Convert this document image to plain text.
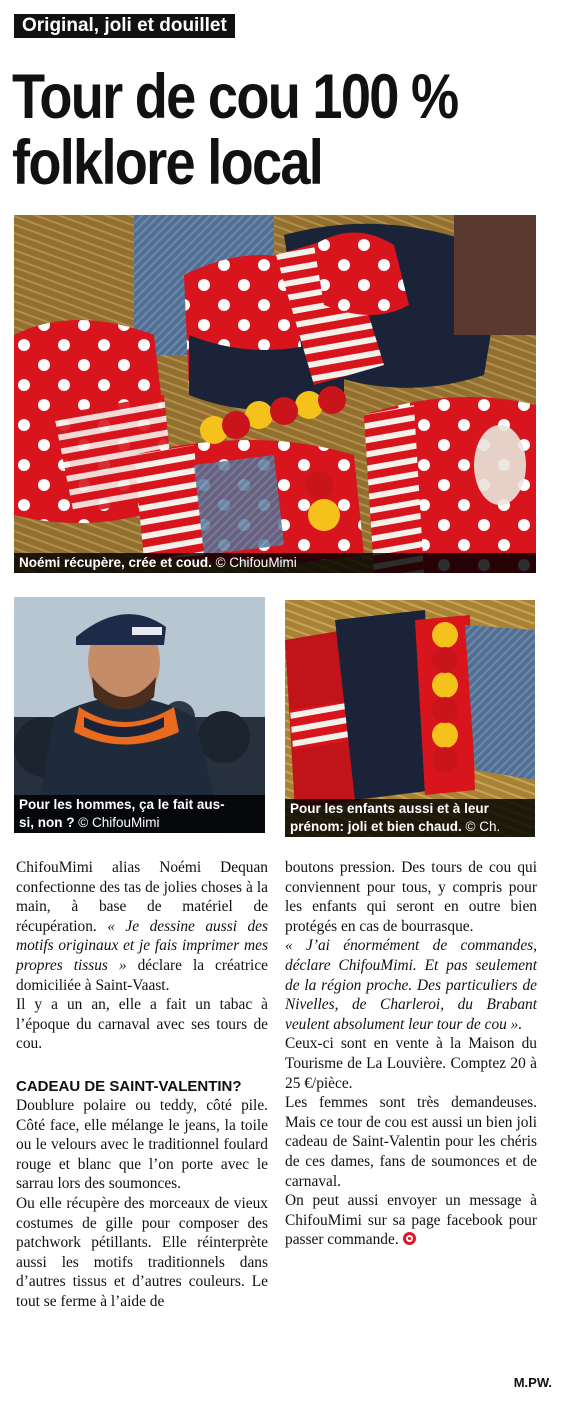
Original, joli et douillet
Tour de cou 100 %
folklore local
Noémi récupère, crée et coud. © ChifouMimi
Pour les hommes, ça le fait aus-
si, non ? © ChifouMimi
Pour les enfants aussi et à leur
prénom: joli et bien chaud. © Ch.

ChifouMimi alias Noémi Dequan confectionne des tas de jolies choses à la main, à base de matériel de récupération. « Je dessine aussi des motifs originaux et je fais imprimer mes propres tissus » déclare la créatrice domiciliée à Saint-Vaast.

Il y a un an, elle a fait un tabac à l’époque du carnaval avec ses tours de cou.

CADEAU DE SAINT-VALENTIN?

Doublure polaire ou teddy, côté pile. Côté face, elle mélange le jeans, la toile ou le velours avec le traditionnel foulard rouge et blanc que l’on porte avec le sarrau lors des soumonces.

Ou elle récupère des morceaux de vieux costumes de gille pour composer des patchwork pétillants. Elle réinterprète aussi les motifs traditionnels dans d’autres tissus et d’autres couleurs. Le tout se ferme à l’aide de

boutons pression. Des tours de cou qui conviennent pour tous, y compris pour les enfants qui seront en outre bien protégés en cas de bourrasque.

« J’ai énormément de commandes, déclare ChifouMimi. Et pas seulement de la région proche. Des particuliers de Nivelles, de Charleroi, du Brabant veulent absolument leur tour de cou ».

Ceux-ci sont en vente à la Maison du Tourisme de La Louvière. Comptez 20 à 25 €/pièce.

Les femmes sont très demandeuses. Mais ce tour de cou est aussi un bien joli cadeau de Saint-Valentin pour les chéris de ces dames, fans de soumonces et de carnaval.

On peut aussi envoyer un message à ChifouMimi sur sa page facebook pour passer commande.

M.PW.
